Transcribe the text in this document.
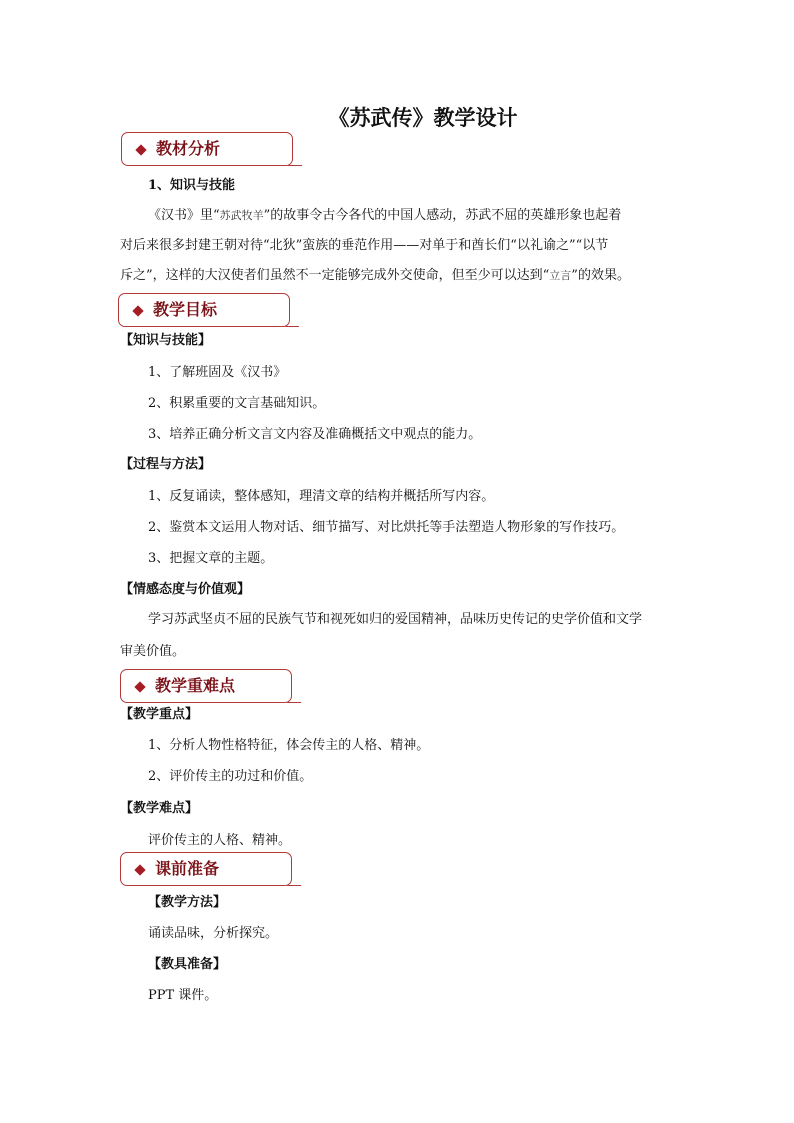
《苏武传》教学设计
教材分析
1、知识与技能
《汉书》里“苏武牧羊”的故事令古今各代的中国人感动，苏武不屈的英雄形象也起着
对后来很多封建王朝对待“北狄”蛮族的垂范作用——对单于和酋长们“以礼谕之”“以节
斥之”，这样的大汉使者们虽然不一定能够完成外交使命，但至少可以达到“立言”的效果。
教学目标
【知识与技能】
1、了解班固及《汉书》
2、积累重要的文言基础知识。
3、培养正确分析文言文内容及准确概括文中观点的能力。
【过程与方法】
1、反复诵读，整体感知，理清文章的结构并概括所写内容。
2、鉴赏本文运用人物对话、细节描写、对比烘托等手法塑造人物形象的写作技巧。
3、把握文章的主题。
【情感态度与价值观】
学习苏武坚贞不屈的民族气节和视死如归的爱国精神，品味历史传记的史学价值和文学
审美价值。
教学重难点
【教学重点】
1、分析人物性格特征，体会传主的人格、精神。
2、评价传主的功过和价值。
【教学难点】
评价传主的人格、精神。
课前准备
【教学方法】
诵读品味，分析探究。
【教具准备】
PPT 课件。
